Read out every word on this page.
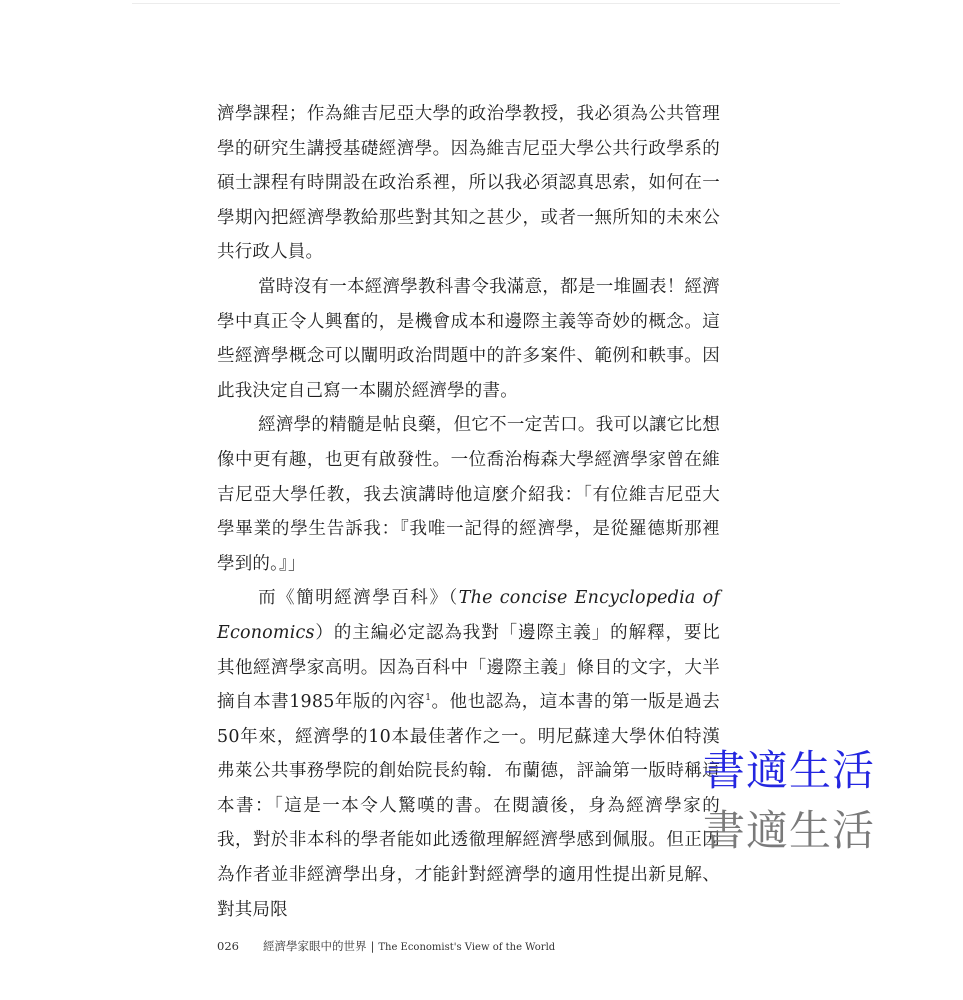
濟學課程；作為維吉尼亞大學的政治學教授，我必須為公共管理學的研究生講授基礎經濟學。因為維吉尼亞大學公共行政學系的碩士課程有時開設在政治系裡，所以我必須認真思索，如何在一學期內把經濟學教給那些對其知之甚少，或者一無所知的未來公共行政人員。

當時沒有一本經濟學教科書令我滿意，都是一堆圖表！經濟學中真正令人興奮的，是機會成本和邊際主義等奇妙的概念。這些經濟學概念可以闡明政治問題中的許多案件、範例和軼事。因此我決定自己寫一本關於經濟學的書。

經濟學的精髓是帖良藥，但它不一定苦口。我可以讓它比想像中更有趣，也更有啟發性。一位喬治梅森大學經濟學家曾在維吉尼亞大學任教，我去演講時他這麼介紹我：「有位維吉尼亞大學畢業的學生告訴我：『我唯一記得的經濟學，是從羅德斯那裡學到的。』」

而《簡明經濟學百科》（The concise Encyclopedia of Economics）的主編必定認為我對「邊際主義」的解釋，要比其他經濟學家高明。因為百科中「邊際主義」條目的文字，大半摘自本書1985年版的內容$^1$。他也認為，這本書的第一版是過去50年來，經濟學的10本最佳著作之一。明尼蘇達大學休伯特漢弗萊公共事務學院的創始院長約翰．布蘭德，評論第一版時稱這本書：「這是一本令人驚嘆的書。在閱讀後，身為經濟學家的我，對於非本科的學者能如此透徹理解經濟學感到佩服。但正因為作者並非經濟學出身，才能針對經濟學的適用性提出新見解、對其局限

書適生活
書適生活
026 經濟學家眼中的世界 | The Economist's View of the World
